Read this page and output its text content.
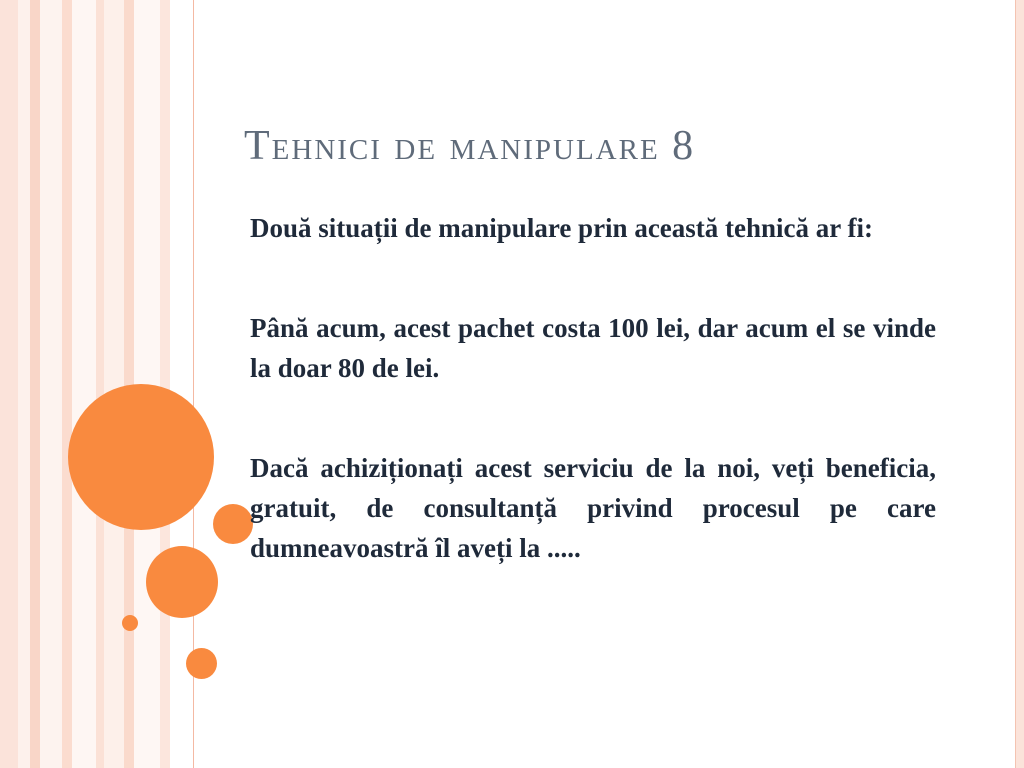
Tehnici de manipulare 8

Două situații de manipulare prin această tehnică ar fi:

Până acum, acest pachet costa 100 lei, dar acum el se vinde la doar 80 de lei.

Dacă achiziționați acest serviciu de la noi, veți beneficia, gratuit, de consultanță privind procesul pe care dumneavoastră îl aveți la .....
